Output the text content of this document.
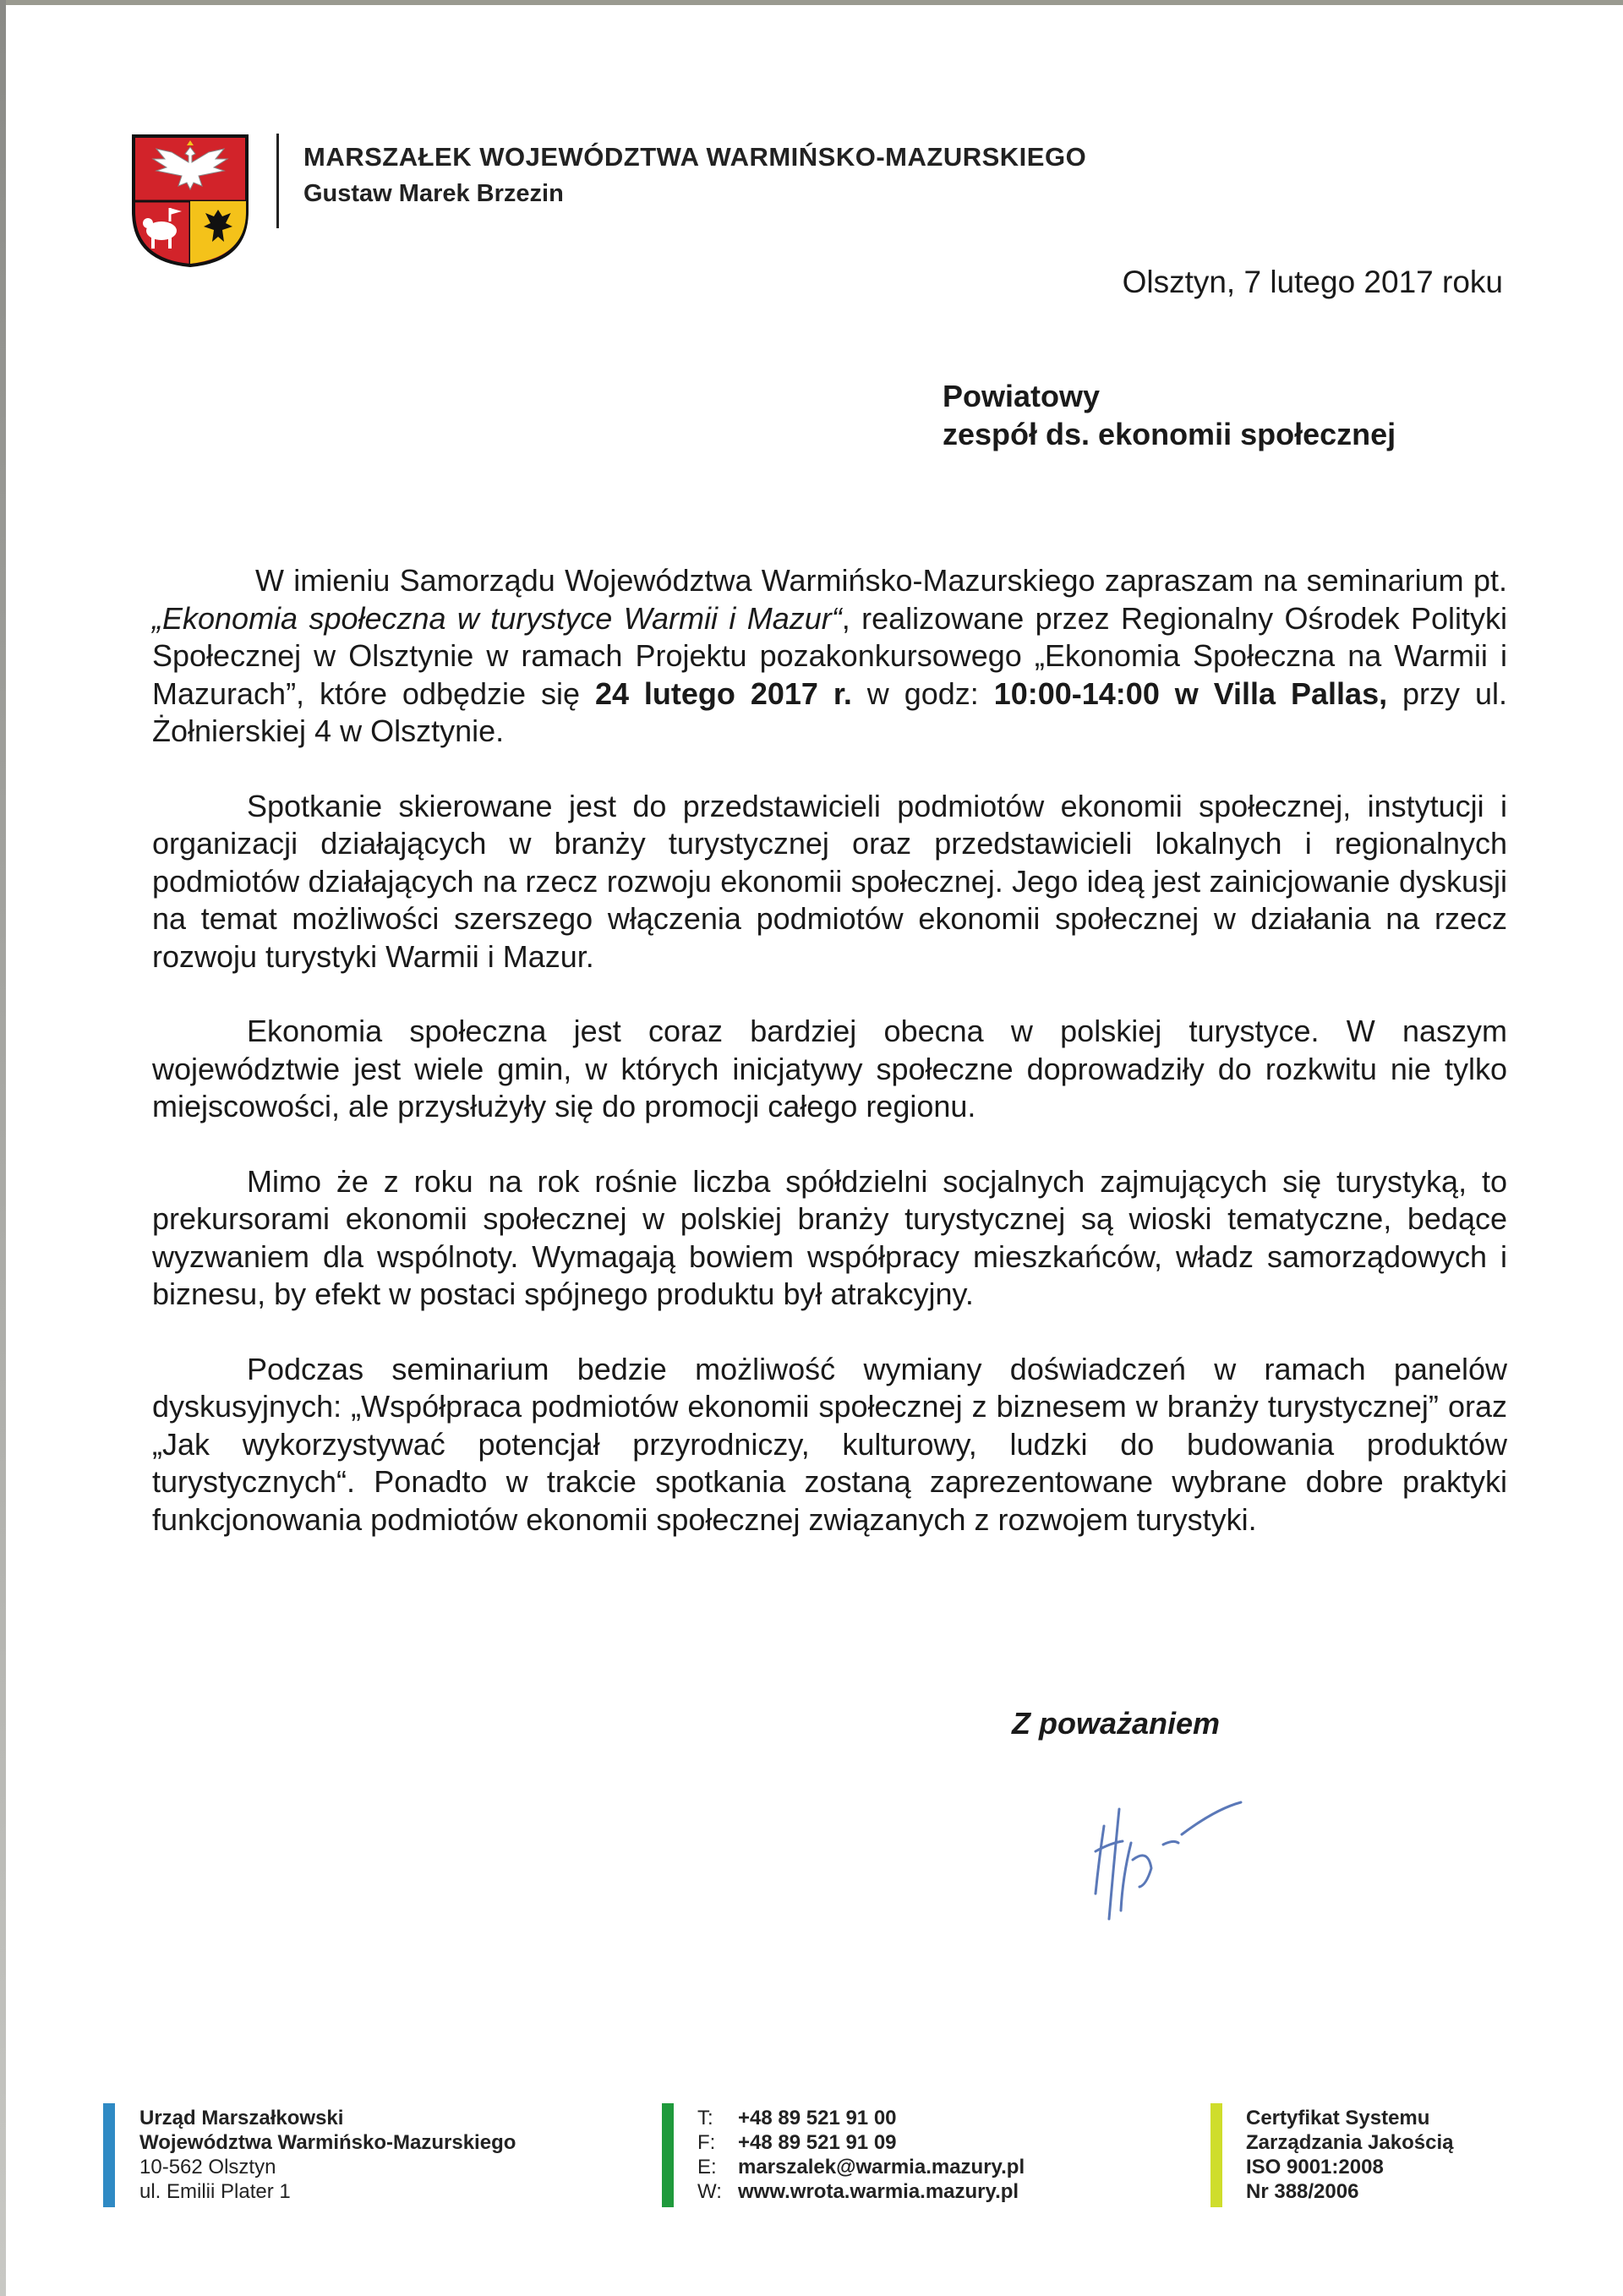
MARSZAŁEK WOJEWÓDZTWA WARMIŃSKO-MAZURSKIEGO
Gustaw Marek Brzezin
Olsztyn, 7 lutego 2017 roku
Powiatowy
zespół ds. ekonomii społecznej

W imieniu Samorządu Województwa Warmińsko-Mazurskiego zapraszam na seminarium pt. „Ekonomia społeczna w turystyce Warmii i Mazur“, realizowane przez Regionalny Ośrodek Polityki Społecznej w Olsztynie w ramach Projektu pozakonkursowego „Ekonomia Społeczna na Warmii i Mazurach”, które odbędzie się 24 lutego 2017 r. w godz: 10:00-14:00 w Villa Pallas, przy ul. Żołnierskiej 4 w Olsztynie.

Spotkanie skierowane jest do przedstawicieli podmiotów ekonomii społecznej, instytucji i organizacji działających w branży turystycznej oraz przedstawicieli lokalnych i regionalnych podmiotów działających na rzecz rozwoju ekonomii społecznej. Jego ideą jest zainicjowanie dyskusji na temat możliwości szerszego włączenia podmiotów ekonomii społecznej w działania na rzecz rozwoju turystyki Warmii i Mazur.

Ekonomia społeczna jest coraz bardziej obecna w polskiej turystyce. W naszym województwie jest wiele gmin, w których inicjatywy społeczne doprowadziły do rozkwitu nie tylko miejscowości, ale przysłużyły się do promocji całego regionu.

Mimo że z roku na rok rośnie liczba spółdzielni socjalnych zajmujących się turystyką, to prekursorami ekonomii społecznej w polskiej branży turystycznej są wioski tematyczne, bedące wyzwaniem dla wspólnoty. Wymagają bowiem współpracy mieszkańców, władz samorządowych i biznesu, by efekt w postaci spójnego produktu był atrakcyjny.

Podczas seminarium bedzie możliwość wymiany doświadczeń w ramach panelów dyskusyjnych: „Współpraca podmiotów ekonomii społecznej z biznesem w branży turystycznej” oraz „Jak wykorzystywać potencjał przyrodniczy, kulturowy, ludzki do budowania produktów turystycznych“. Ponadto w trakcie spotkania zostaną zaprezentowane wybrane dobre praktyki funkcjonowania podmiotów ekonomii społecznej związanych z rozwojem turystyki.

Z poważaniem
Urząd Marszałkowski
Województwa Warmińsko-Mazurskiego
10-562 Olsztyn
ul. Emilii Plater 1
T:	+48 89 521 91 00
F:	+48 89 521 91 09
E:	marszalek@warmia.mazury.pl
W: www.wrota.warmia.mazury.pl
Certyfikat Systemu
Zarządzania Jakością
ISO 9001:2008
Nr 388/2006
